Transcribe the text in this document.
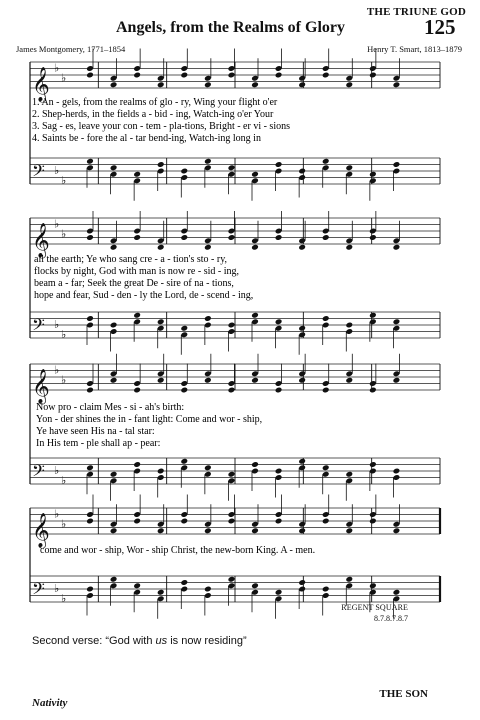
THE TRIUNE GOD
Angels, from the Realms of Glory	125
James Montgomery, 1771–1854	Henry T. Smart, 1813–1879
𝄞 ♭
♭
𝄢 ♭
♭
𝄞 ♭
♭
𝄢 ♭
♭
𝄞 ♭
♭
𝄢 ♭
♭
𝄞 ♭
♭
𝄢 ♭
♭
1. An - gels, from the realms of glo - ry, Wing your flight o'er
2. Shep-herds, in the fields a - bid - ing, Watch-ing o'er Your
3. Sag - es, leave your con - tem - pla-tions, Bright - er vi - sions
4. Saints be - fore the al - tar bend-ing, Watch-ing long in
all the earth; Ye who sang cre - a - tion's sto - ry,
flocks by night, God with man is now re - sid - ing,
beam a - far; Seek the great De - sire of na - tions,
hope and fear, Sud - den - ly the Lord, de - scend - ing,
Now pro - claim Mes - si - ah's birth:
Yon - der shines the in - fant light: Come and wor - ship,
Ye have seen His na - tal star:
In His tem - ple shall ap - pear:
come and wor - ship, Wor - ship Christ, the new-born King. A - men.
REGENT SQUARE
8.7.8.7.8.7
Second verse: “God with us is now residing”
Nativity
THE SON
